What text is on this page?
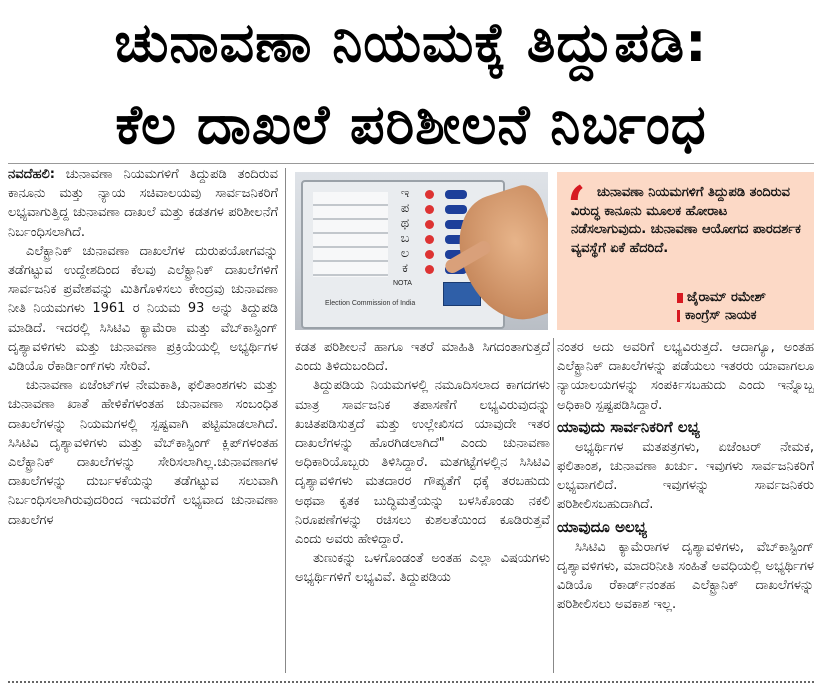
ಚುನಾವಣಾ ನಿಯಮಕ್ಕೆ ತಿದ್ದುಪಡಿ:
ಕೆಲ ದಾಖಲೆ ಪರಿಶೀಲನೆ ನಿರ್ಬಂಧ

ನವದೆಹಲಿ: ಚುನಾವಣಾ ನಿಯಮಗಳಿಗೆ ತಿದ್ದುಪಡಿ ತಂದಿರುವ ಕಾನೂನು ಮತ್ತು ನ್ಯಾಯ ಸಚಿವಾಲಯವು ಸಾರ್ವಜನಿಕರಿಗೆ ಲಭ್ಯವಾಗುತ್ತಿದ್ದ ಚುನಾವಣಾ ದಾಖಲೆ ಮತ್ತು ಕಡತಗಳ ಪರಿಶೀಲನೆಗೆ ನಿರ್ಬಂಧಿಸಲಾಗಿದೆ.

ಎಲೆಕ್ಟ್ರಾನಿಕ್ ಚುನಾವಣಾ ದಾಖಲೆಗಳ ದುರುಪಯೋಗವನ್ನು ತಡೆಗಟ್ಟುವ ಉದ್ದೇಶದಿಂದ ಕೆಲವು ಎಲೆಕ್ಟ್ರಾನಿಕ್ ದಾಖಲೆಗಳಿಗೆ ಸಾರ್ವಜನಿಕ ಪ್ರವೇಶವನ್ನು ಮಿತಿಗೊಳಿಸಲು ಕೇಂದ್ರವು ಚುನಾವಣಾ ನೀತಿ ನಿಯಮಗಳು 1961 ರ ನಿಯಮ 93 ಅನ್ನು ತಿದ್ದುಪಡಿ ಮಾಡಿದೆ. ಇದರಲ್ಲಿ ಸಿಸಿಟಿವಿ ಕ್ಯಾಮೆರಾ ಮತ್ತು ವೆಬ್‌ಕಾಸ್ಟಿಂಗ್ ದೃಶ್ಯಾವಳಿಗಳು ಮತ್ತು ಚುನಾವಣಾ ಪ್ರಕ್ರಿಯೆಯಲ್ಲಿ ಅಭ್ಯರ್ಥಿಗಳ ವಿಡಿಯೊ ರೆಕಾರ್ಡಿಂಗ್‌ಗಳು ಸೇರಿವೆ.

ಚುನಾವಣಾ ಏಜೆಂಟ್‌ಗಳ ನೇಮಕಾತಿ, ಫಲಿತಾಂಶಗಳು ಮತ್ತು ಚುನಾವಣಾ ಖಾತೆ ಹೇಳಿಕೆಗಳಂತಹ ಚುನಾವಣಾ ಸಂಬಂಧಿತ ದಾಖಲೆಗಳನ್ನು ನಿಯಮಗಳಲ್ಲಿ ಸ್ಪಷ್ಟವಾಗಿ ಪಟ್ಟಿಮಾಡಲಾಗಿದೆ. ಸಿಸಿಟಿವಿ ದೃಶ್ಯಾವಳಿಗಳು ಮತ್ತು ವೆಬ್‌ಕಾಸ್ಟಿಂಗ್ ಕ್ಲಿಪ್‌ಗಳಂತಹ ಎಲೆಕ್ಟ್ರಾನಿಕ್ ದಾಖಲೆಗಳನ್ನು ಸೇರಿಸಲಾಗಿಲ್ಲ.ಚುನಾವಣಾಗಳ ದಾಖಲೆಗಳನ್ನು ದುರ್ಬಳಕೆಯನ್ನು ತಡೆಗಟ್ಟುವ ಸಲುವಾಗಿ ನಿರ್ಬಂಧಿಸಲಾಗಿರುವುದರಿಂದ ಇದುವರೆಗೆ ಲಭ್ಯವಾದ ಚುನಾವಣಾ ದಾಖಲೆಗಳ

ಇ
ಪ
ಥ
ಬ
ಲ
ಕ
NOTA
Election Commission of India
‘ ಚುನಾವಣಾ ನಿಯಮಗಳಿಗೆ ತಿದ್ದುಪಡಿ ತಂದಿರುವ ವಿರುದ್ಧ ಕಾನೂನು ಮೂಲಕ ಹೋರಾಟ ನಡೆಸಲಾಗುವುದು. ಚುನಾವಣಾ ಆಯೋಗದ ಪಾರದರ್ಶಕ ವ್ಯವಸ್ಥೆಗೆ ಏಕೆ ಹೆದರಿದೆ.
ಜೈರಾಮ್ ರಮೇಶ್
ಕಾಂಗ್ರೆಸ್ ನಾಯಕ

ಕಡತ ಪರಿಶೀಲನೆ ಹಾಗೂ ಇತರೆ ಮಾಹಿತಿ ಸಿಗದಂತಾಗುತ್ತದೆ ಎಂದು ತಿಳಿದುಬಂದಿದೆ.

ತಿದ್ದುಪಡಿಯ ನಿಯಮಗಳಲ್ಲಿ ನಮೂದಿಸಲಾದ ಕಾಗದಗಳು ಮಾತ್ರ ಸಾರ್ವಜನಿಕ ತಪಾಸಣೆಗೆ ಲಭ್ಯವಿರುವುದನ್ನು ಖಚಿತಪಡಿಸುತ್ತದೆ ಮತ್ತು ಉಲ್ಲೇಖಿಸದ ಯಾವುದೇ ಇತರ ದಾಖಲೆಗಳನ್ನು ಹೊರಗಿಡಲಾಗಿದೆ" ಎಂದು ಚುನಾವಣಾ ಅಧಿಕಾರಿಯೊಬ್ಬರು ತಿಳಿಸಿದ್ದಾರೆ. ಮತಗಟ್ಟೆಗಳಲ್ಲಿನ ಸಿಸಿಟಿವಿ ದೃಶ್ಯಾವಳಿಗಳು ಮತದಾರರ ಗೌಪ್ಯತೆಗೆ ಧಕ್ಕೆ ತರಬಹುದು ಅಥವಾ ಕೃತಕ ಬುದ್ಧಿಮತ್ತೆಯನ್ನು ಬಳಸಿಕೊಂಡು ನಕಲಿ ನಿರೂಪಣೆಗಳನ್ನು ರಚಿಸಲು ಕುಶಲತೆಯಿಂದ ಕೂಡಿರುತ್ತವೆ ಎಂದು ಅವರು ಹೇಳಿದ್ದಾರೆ.

ತುಣುಕನ್ನು ಒಳಗೊಂಡಂತೆ ಅಂತಹ ಎಲ್ಲಾ ವಿಷಯಗಳು ಅಭ್ಯರ್ಥಿಗಳಿಗೆ ಲಭ್ಯವಿವೆ. ತಿದ್ದುಪಡಿಯ

ನಂತರ ಅದು ಅವರಿಗೆ ಲಭ್ಯವಿರುತ್ತದೆ. ಆದಾಗ್ಯೂ, ಅಂತಹ ಎಲೆಕ್ಟ್ರಾನಿಕ್ ದಾಖಲೆಗಳನ್ನು ಪಡೆಯಲು ಇತರರು ಯಾವಾಗಲೂ ನ್ಯಾಯಾಲಯಗಳನ್ನು ಸಂಪರ್ಕಿಸಬಹುದು ಎಂದು ಇನ್ನೊಬ್ಬ ಅಧಿಕಾರಿ ಸ್ಪಷ್ಟಪಡಿಸಿದ್ದಾರೆ.

ಯಾವುದು ಸಾರ್ವನಿಕರಿಗೆ ಲಭ್ಯ

ಅಭ್ಯರ್ಥಿಗಳ ಮತಪತ್ರಗಳು, ಏಜೆಂಟರ್ ನೇಮಕ, ಫಲಿತಾಂಶ, ಚುನಾವಣಾ ಖರ್ಚು. ಇವುಗಳು ಸಾರ್ವಜನಿಕರಿಗೆ ಲಭ್ಯವಾಗಲಿದೆ. ಇವುಗಳನ್ನು ಸಾರ್ವಜನಿಕರು ಪರಿಶೀಲಿಸಬಹುದಾಗಿದೆ.

ಯಾವುದೂ ಅಲಭ್ಯ

ಸಿಸಿಟಿವಿ ಕ್ಯಾಮೆರಾಗಳ ದೃಶ್ಯಾವಳಿಗಳು, ವೆಬ್‌ಕಾಸ್ಟಿಂಗ್ ದೃಶ್ಯಾವಳಿಗಳು, ಮಾದರಿನೀತಿ ಸಂಹಿತೆ ಅವಧಿಯಲ್ಲಿ ಅಭ್ಯರ್ಥಿಗಳ ವಿಡಿಯೊ ರೆಕಾರ್ಡ್‌ನಂತಹ ಎಲೆಕ್ಟ್ರಾನಿಕ್ ದಾಖಲೆಗಳನ್ನು ಪರಿಶೀಲಿಸಲು ಅವಕಾಶ ಇಲ್ಲ.
